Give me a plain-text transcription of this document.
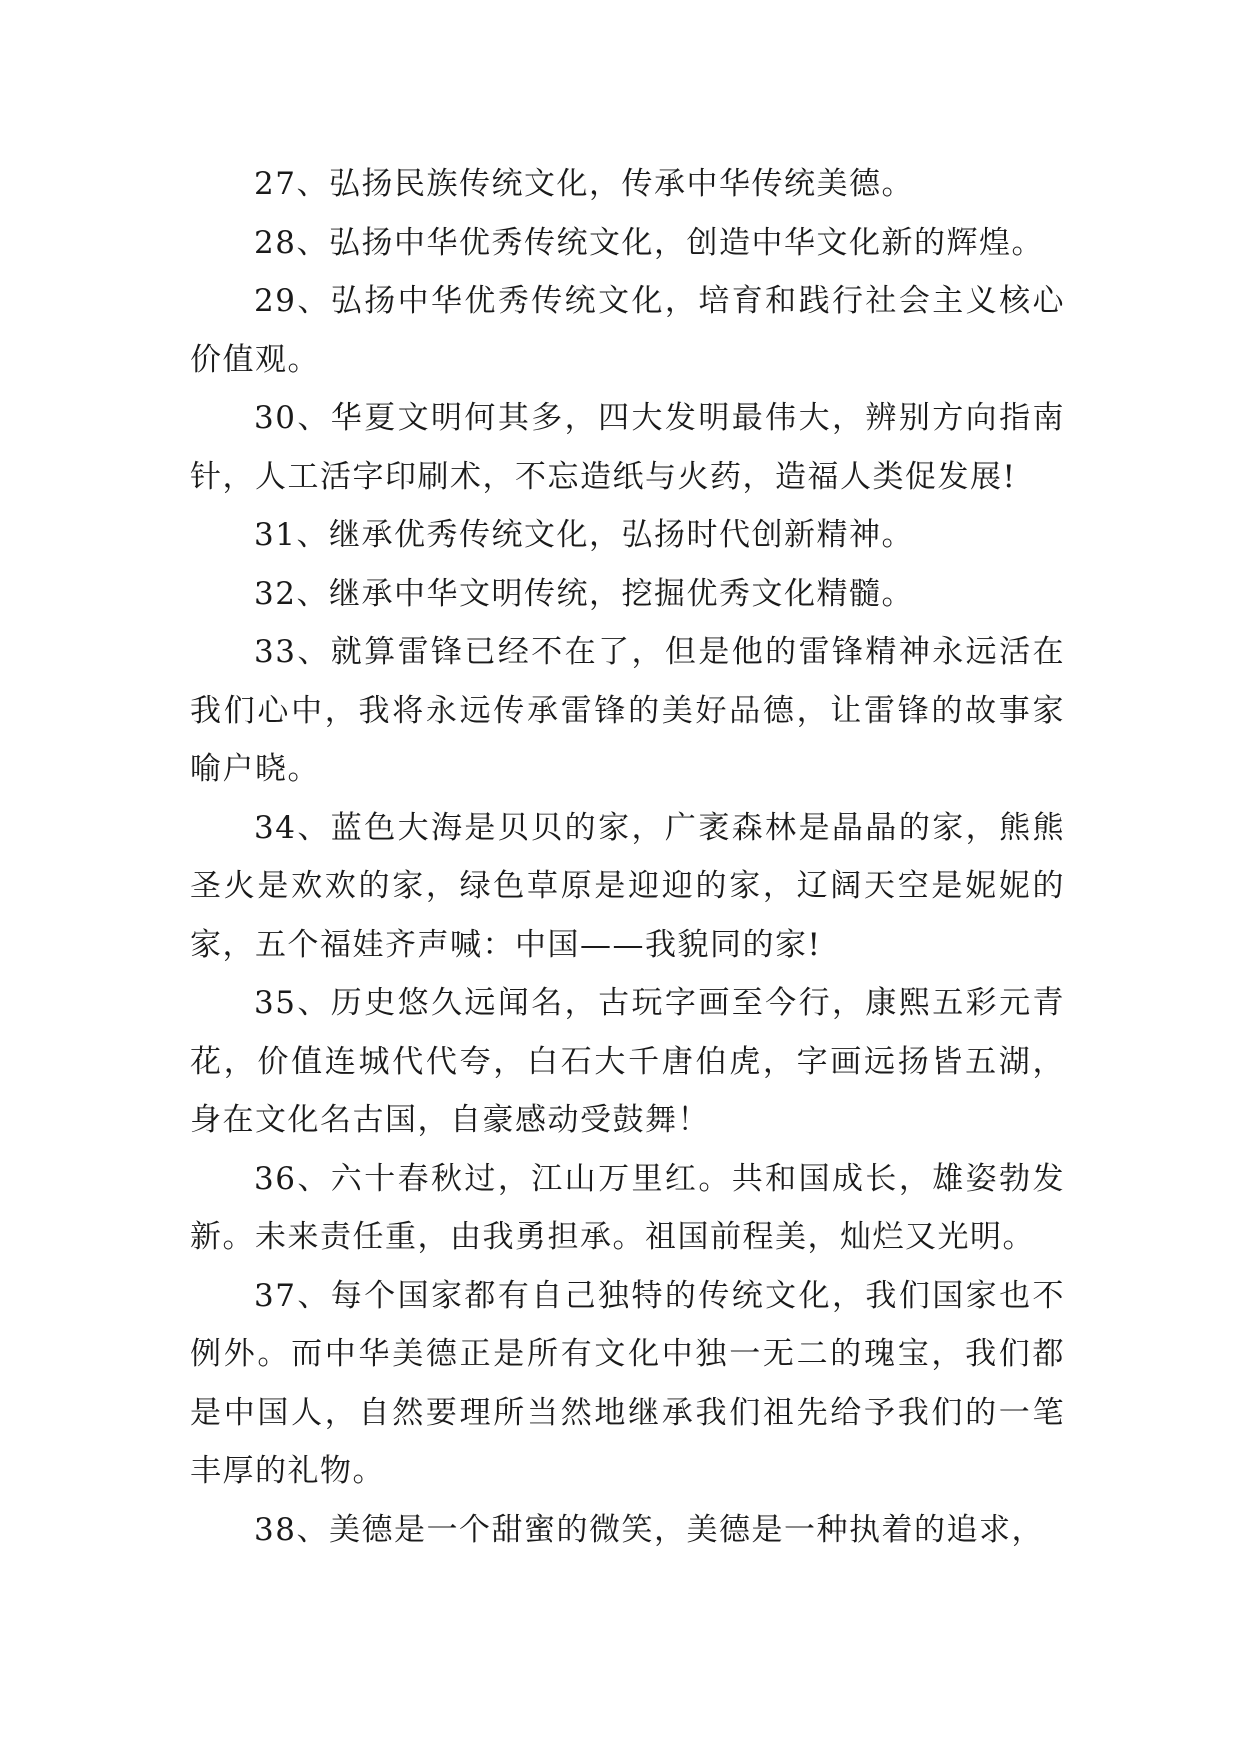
27、弘扬民族传统文化，传承中华传统美德。

28、弘扬中华优秀传统文化，创造中华文化新的辉煌。

29、弘扬中华优秀传统文化，培育和践行社会主义核心价值观。

30、华夏文明何其多，四大发明最伟大，辨别方向指南针，人工活字印刷术，不忘造纸与火药，造福人类促发展!

31、继承优秀传统文化，弘扬时代创新精神。

32、继承中华文明传统，挖掘优秀文化精髓。

33、就算雷锋已经不在了，但是他的雷锋精神永远活在我们心中，我将永远传承雷锋的美好品德，让雷锋的故事家喻户晓。

34、蓝色大海是贝贝的家，广袤森林是晶晶的家，熊熊圣火是欢欢的家，绿色草原是迎迎的家，辽阔天空是妮妮的家，五个福娃齐声喊：中国——我貌同的家!

35、历史悠久远闻名，古玩字画至今行，康熙五彩元青花，价值连城代代夸，白石大千唐伯虎，字画远扬皆五湖，身在文化名古国，自豪感动受鼓舞！

36、六十春秋过，江山万里红。共和国成长，雄姿勃发新。未来责任重，由我勇担承。祖国前程美，灿烂又光明。

37、每个国家都有自己独特的传统文化，我们国家也不例外。而中华美德正是所有文化中独一无二的瑰宝，我们都是中国人，自然要理所当然地继承我们祖先给予我们的一笔丰厚的礼物。

38、美德是一个甜蜜的微笑，美德是一种执着的追求，
